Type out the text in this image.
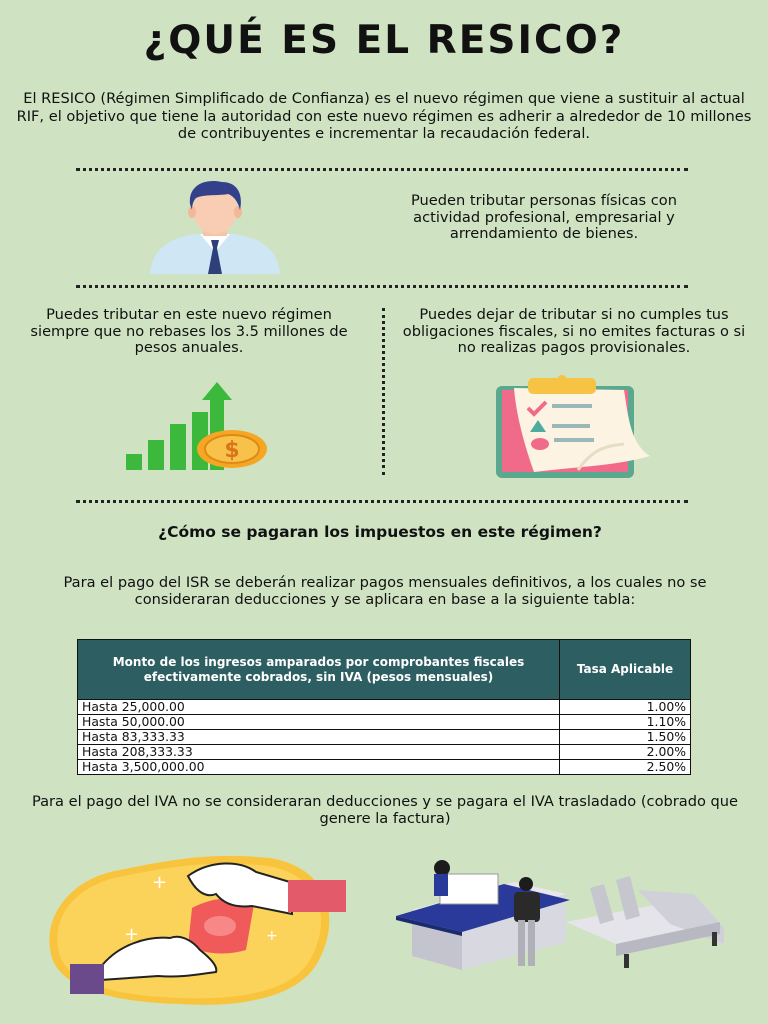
¿QUÉ ES EL RESICO?
El RESICO (Régimen Simplificado de Confianza) es el nuevo régimen que viene a sustituir al actual RIF, el objetivo que tiene la autoridad con este nuevo régimen es adherir a alrededor de 10 millones de contribuyentes e incrementar la recaudación federal.
Pueden tributar personas físicas con actividad profesional, empresarial y arrendamiento de bienes.
Puedes tributar en este nuevo régimen siempre que no rebases los 3.5 millones de pesos anuales.
Puedes dejar de tributar si no cumples tus obligaciones fiscales, si no emites facturas o si no realizas pagos provisionales.
$
¿Cómo se pagaran los impuestos en este régimen?
Para el pago del ISR se deberán realizar pagos mensuales definitivos, a los cuales no se consideraran deducciones y se aplicara en base a la siguiente tabla:
Monto de los ingresos amparados por comprobantes fiscales efectivamente cobrados, sin IVA (pesos mensuales)	Tasa Aplicable
Hasta 25,000.00	1.00%
Hasta 50,000.00	1.10%
Hasta 83,333.33	1.50%
Hasta 208,333.33	2.00%
Hasta 3,500,000.00	2.50%
Para el pago del IVA no se consideraran deducciones y se pagara el IVA trasladado (cobrado que genere la factura)
+
+	+
